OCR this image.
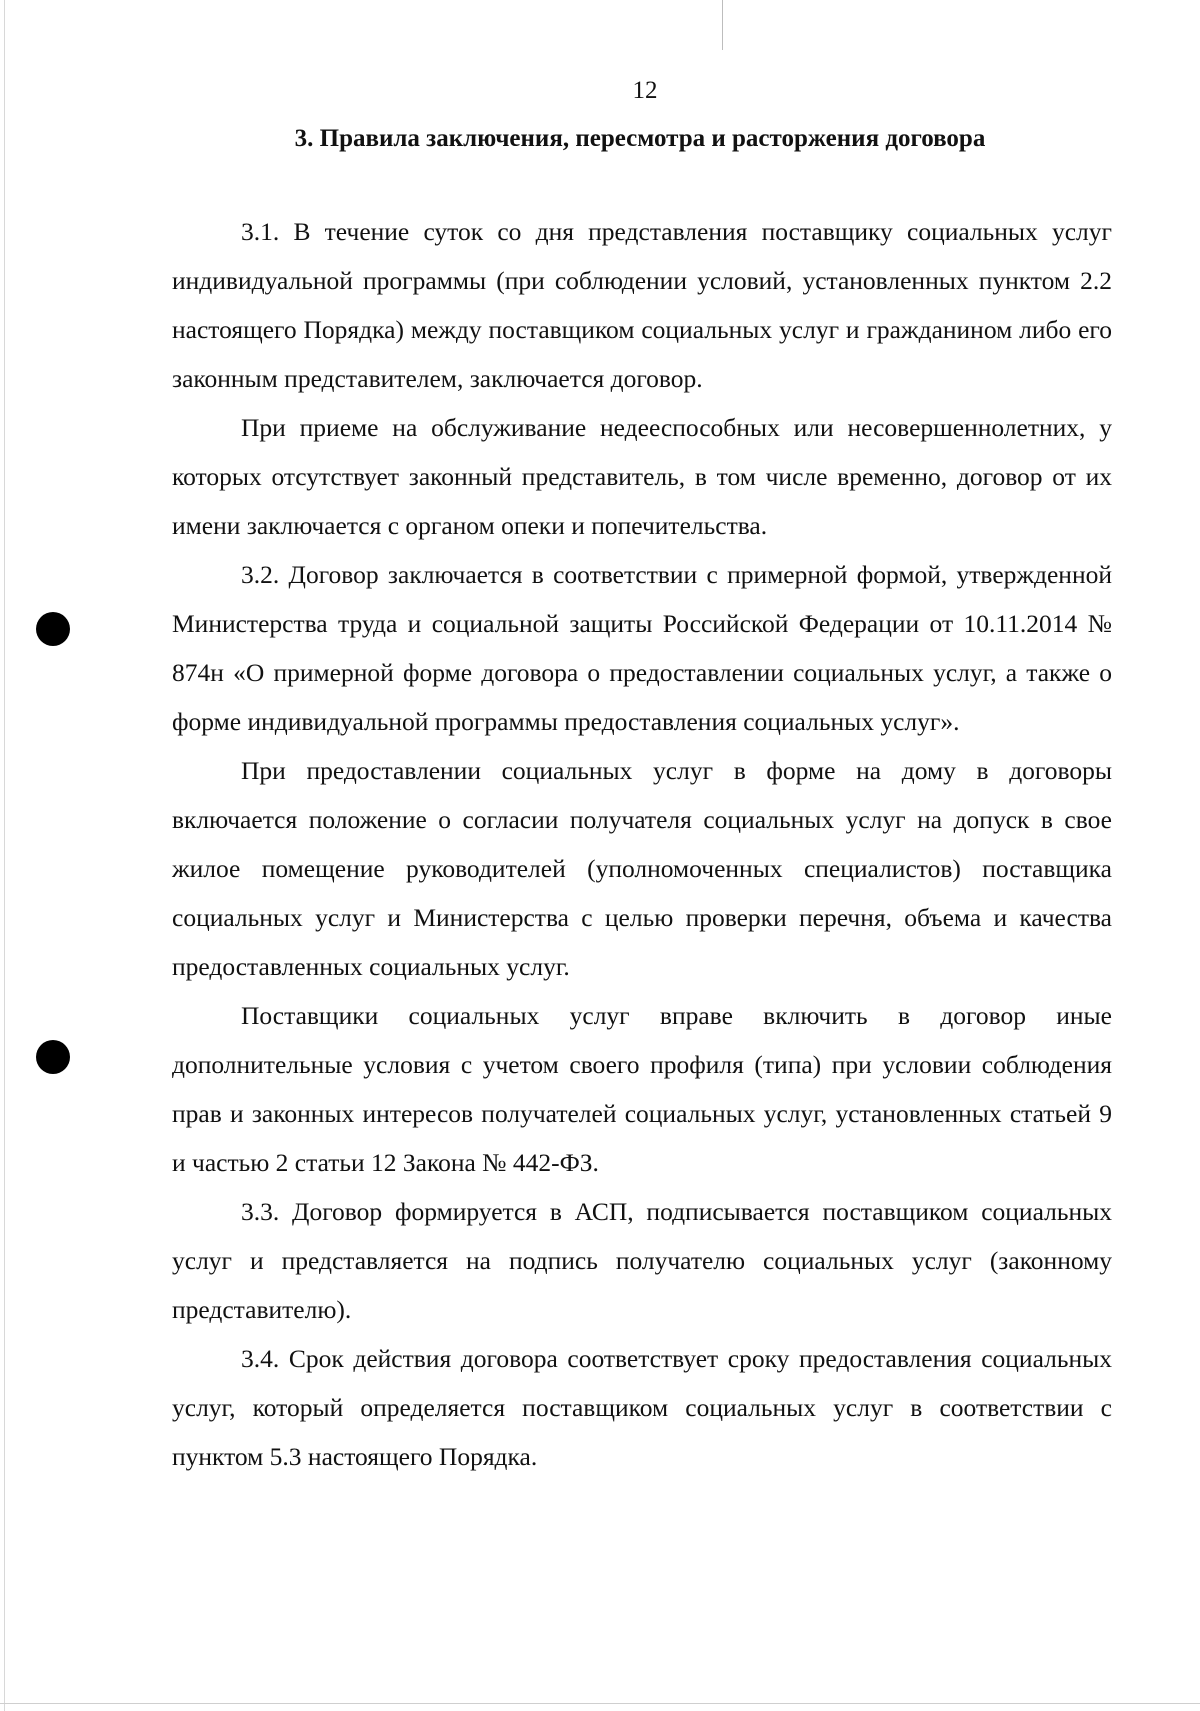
12
3. Правила заключения, пересмотра и расторжения договора

3.1. В течение суток со дня представления поставщику социальных услуг индивидуальной программы (при соблюдении условий, установленных пунктом 2.2 настоящего Порядка) между поставщиком социальных услуг и гражданином либо его законным представителем, заключается договор.

При приеме на обслуживание недееспособных или несовершеннолетних, у которых отсутствует законный представитель, в том числе временно, договор от их имени заключается с органом опеки и попечительства.

3.2. Договор заключается в соответствии с примерной формой, утвержденной Министерства труда и социальной защиты Российской Федерации от 10.11.2014 № 874н «О примерной форме договора о предоставлении социальных услуг, а также о форме индивидуальной программы предоставления социальных услуг».

При предоставлении социальных услуг в форме на дому в договоры включается положение о согласии получателя социальных услуг на допуск в свое жилое помещение руководителей (уполномоченных специалистов) поставщика социальных услуг и Министерства с целью проверки перечня, объема и качества предоставленных социальных услуг.

Поставщики социальных услуг вправе включить в договор иные дополнительные условия с учетом своего профиля (типа) при условии соблюдения прав и законных интересов получателей социальных услуг, установленных статьей 9 и частью 2 статьи 12 Закона № 442-ФЗ.

3.3. Договор формируется в АСП, подписывается поставщиком социальных услуг и представляется на подпись получателю социальных услуг (законному представителю).

3.4. Срок действия договора соответствует сроку предоставления социальных услуг, который определяется поставщиком социальных услуг в соответствии с пунктом 5.3 настоящего Порядка.
